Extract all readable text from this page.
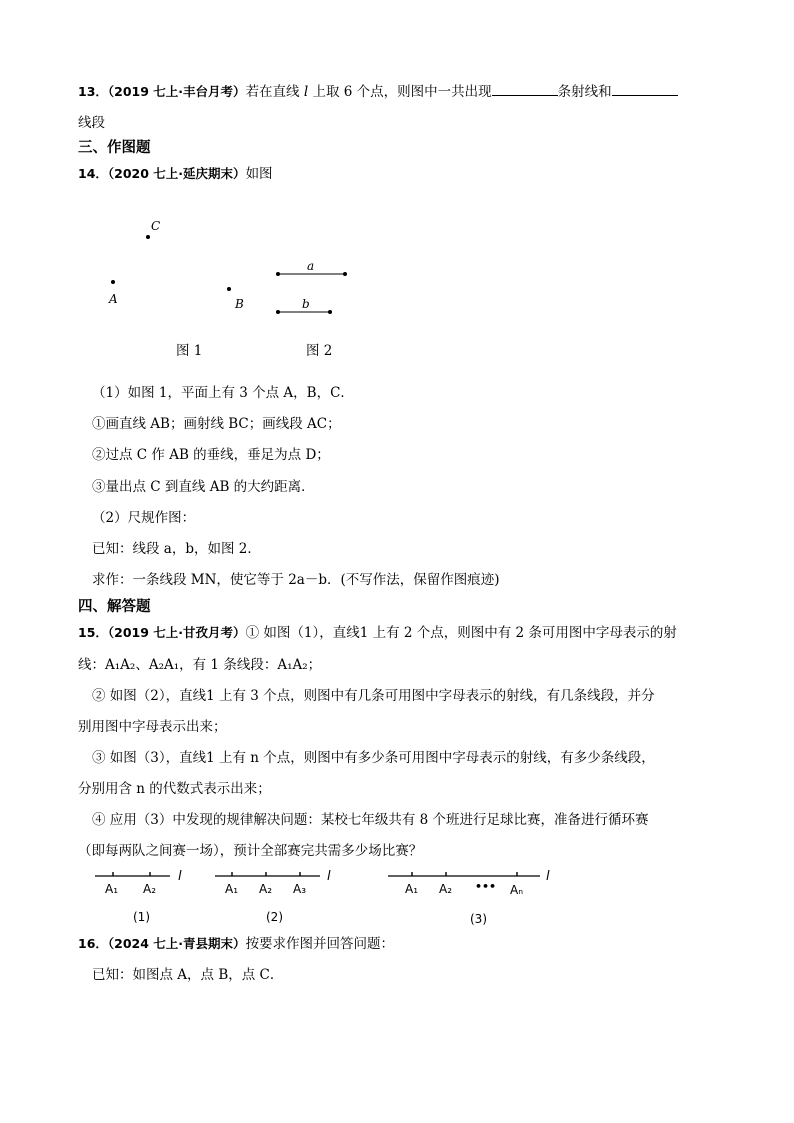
13．（2019 七上·丰台月考）若在直线 l 上取 6 个点，则图中一共出现	条射线和
线段
三、作图题
14．（2020 七上·延庆期末）如图
C
A	B
a
b
图 1	图 2
（1）如图 1，平面上有 3 个点 A，B，C．
①画直线 AB；画射线 BC；画线段 AC；
②过点 C 作 AB 的垂线，垂足为点 D；
③量出点 C 到直线 AB 的大约距离．
（2）尺规作图：
已知：线段 a，b，如图 2．
求作：一条线段 MN，使它等于 2a－b．(不写作法，保留作图痕迹)
四、解答题
15．（2019 七上·甘孜月考）① 如图（1），直线1 上有 2 个点，则图中有 2 条可用图中字母表示的射
线：A₁A₂、A₂A₁，有 1 条线段：A₁A₂；
② 如图（2），直线1 上有 3 个点，则图中有几条可用图中字母表示的射线，有几条线段，并分
别用图中字母表示出来；
③ 如图（3），直线1 上有 n 个点，则图中有多少条可用图中字母表示的射线，有多少条线段，
分别用含 n 的代数式表示出来；
④ 应用（3）中发现的规律解决问题：某校七年级共有 8 个班进行足球比赛，准备进行循环赛
（即每两队之间赛一场），预计全部赛完共需多少场比赛？
A₁ A₂
l
(1)
A₁ A₂ A₃
l
(2)
A₁ A₂ ••• Aₙ
l
(3)
16．（2024 七上·青县期末）按要求作图并回答问题：
已知：如图点 A，点 B，点 C．
